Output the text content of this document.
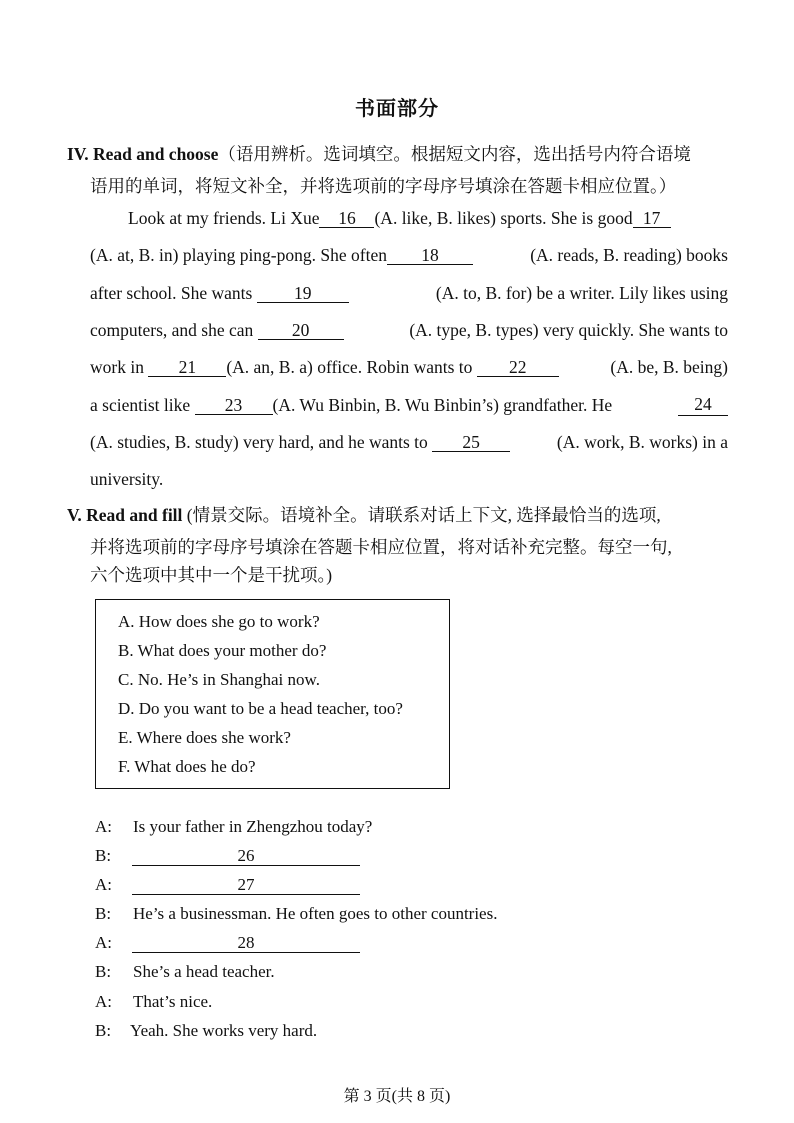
书面部分
IV. Read and choose（语用辨析。选词填空。根据短文内容，选出括号内符合语境
语用的单词，将短文补全，并将选项前的字母序号填涂在答题卡相应位置。）
Look at my friends. Li Xue 16 (A. like, B. likes) sports. She is good 17
(A. at, B. in) playing ping-pong. She often 18	(A. reads, B. reading) books
after school. She wants 19	(A. to, B. for) be a writer. Lily likes using
computers, and she can 20	(A. type, B. types) very quickly. She wants to
work in 21 (A. an, B. a) office. Robin wants to 22	(A. be, B. being)
a scientist like 23 (A. Wu Binbin, B. Wu Binbin’s) grandfather. He	24
(A. studies, B. study) very hard, and he wants to 25	(A. work, B. works) in a
university.
V. Read and fill (情景交际。语境补全。请联系对话上下文, 选择最恰当的选项,
并将选项前的字母序号填涂在答题卡相应位置，将对话补充完整。每空一句,
六个选项中其中一个是干扰项。)
A. How does she go to work?
B. What does your mother do?
C. No. He’s in Shanghai now.
D. Do you want to be a head teacher, too?
E. Where does she work?
F. What does he do?
A: Is your father in Zhengzhou today?
B:	26
A:	27
B: He’s a businessman. He often goes to other countries.
A:	28
B: She’s a head teacher.
A: That’s nice.
B: Yeah. She works very hard.
第 3 页(共 8 页)
